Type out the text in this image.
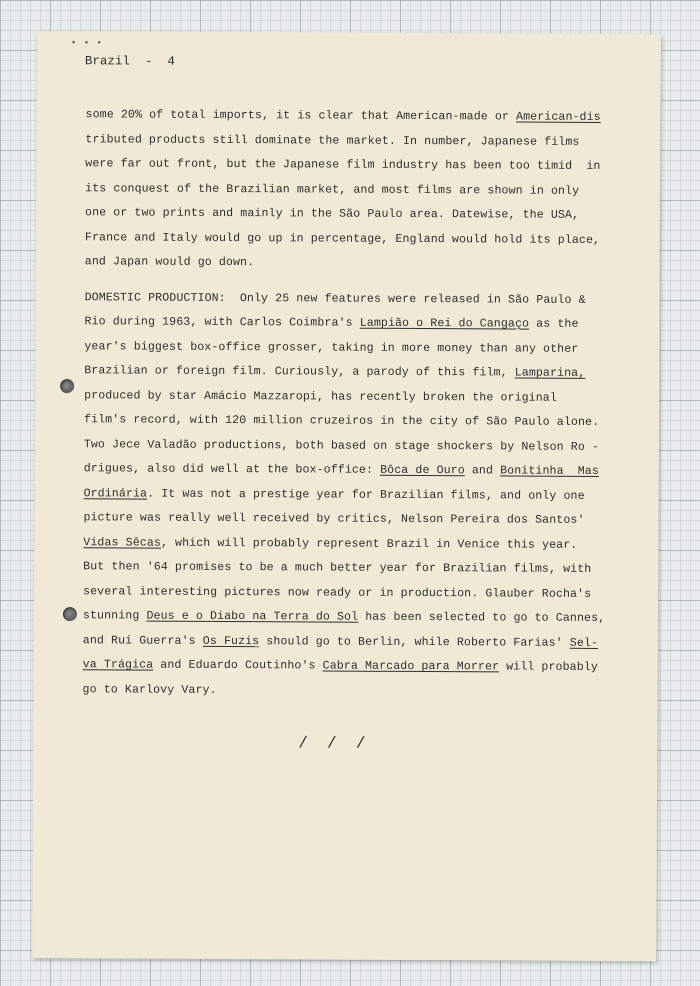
• • •
Brazil  -  4
some 20% of total imports, it is clear that American-made or American-dis
tributed products still dominate the market. In number, Japanese films
were far out front, but the Japanese film industry has been too timid  in
its conquest of the Brazilian market, and most films are shown in only
one or two prints and mainly in the São Paulo area. Datewise, the USA,
France and Italy would go up in percentage, England would hold its place,
and Japan would go down.
DOMESTIC PRODUCTION:  Only 25 new features were released in São Paulo &
Rio during 1963, with Carlos Coimbra's Lampião o Rei do Cangaço as the
year's biggest box-office grosser, taking in more money than any other
Brazilian or foreign film. Curiously, a parody of this film, Lamparina,
produced by star Amácio Mazzaropi, has recently broken the original
film's record, with 120 million cruzeiros in the city of São Paulo alone.
Two Jece Valadão productions, both based on stage shockers by Nelson Ro -
drigues, also did well at the box-office: Bôca de Ouro and Bonitinha  Mas
Ordinária. It was not a prestige year for Brazilian films, and only one
picture was really well received by critics, Nelson Pereira dos Santos'
Vidas Sêcas, which will probably represent Brazil in Venice this year.
But then '64 promises to be a much better year for Brazilian films, with
several interesting pictures now ready or in production. Glauber Rocha's
stunning Deus e o Diabo na Terra do Sol has been selected to go to Cannes,
and Rui Guerra's Os Fuzis should go to Berlin, while Roberto Farias' Sel-
va Trágica and Eduardo Coutinho's Cabra Marcado para Morrer will probably
go to Karlovy Vary.
/  /  /
